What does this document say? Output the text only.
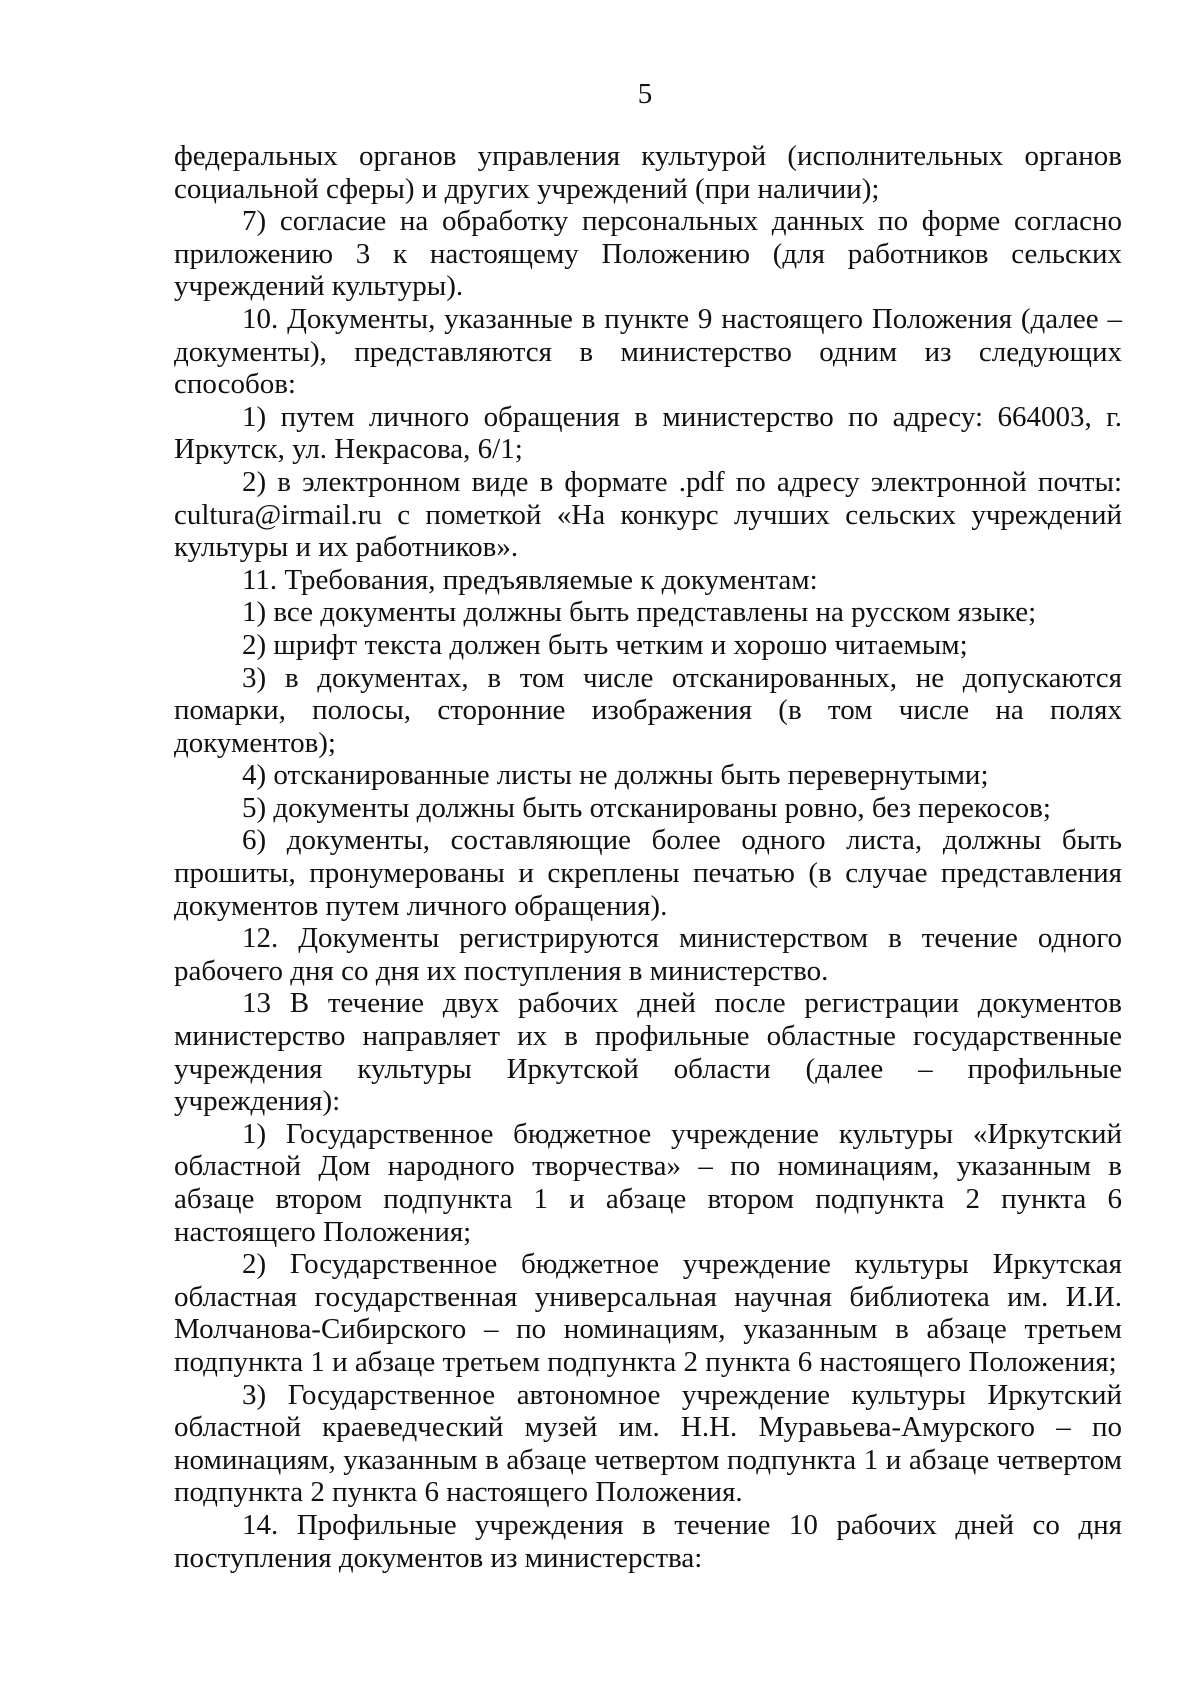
5

федеральных органов управления культурой (исполнительных органов социальной сферы) и других учреждений (при наличии);

7) согласие на обработку персональных данных по форме согласно приложению 3 к настоящему Положению (для работников сельских учреждений культуры).

10. Документы, указанные в пункте 9 настоящего Положения (далее – документы), представляются в министерство одним из следующих способов:

1) путем личного обращения в министерство по адресу: 664003, г. Иркутск, ул. Некрасова, 6/1;

2) в электронном виде в формате .pdf по адресу электронной почты: cultura@irmail.ru с пометкой «На конкурс лучших сельских учреждений культуры и их работников».

11. Требования, предъявляемые к документам:

1) все документы должны быть представлены на русском языке;

2) шрифт текста должен быть четким и хорошо читаемым;

3) в документах, в том числе отсканированных, не допускаются помарки, полосы, сторонние изображения (в том числе на полях документов);

4) отсканированные листы не должны быть перевернутыми;

5) документы должны быть отсканированы ровно, без перекосов;

6) документы, составляющие более одного листа, должны быть прошиты, пронумерованы и скреплены печатью (в случае представления документов путем личного обращения).

12. Документы регистрируются министерством в течение одного рабочего дня со дня их поступления в министерство.

13 В течение двух рабочих дней после регистрации документов министерство направляет их в профильные областные государственные учреждения культуры Иркутской области (далее – профильные учреждения):

1) Государственное бюджетное учреждение культуры «Иркутский областной Дом народного творчества» – по номинациям, указанным в абзаце втором подпункта 1 и абзаце втором подпункта 2 пункта 6 настоящего Положения;

2) Государственное бюджетное учреждение культуры Иркутская областная государственная универсальная научная библиотека им. И.И. Молчанова-Сибирского – по номинациям, указанным в абзаце третьем подпункта 1 и абзаце третьем подпункта 2 пункта 6 настоящего Положения;

3) Государственное автономное учреждение культуры Иркутский областной краеведческий музей им. Н.Н. Муравьева-Амурского – по номинациям, указанным в абзаце четвертом подпункта 1 и абзаце четвертом подпункта 2 пункта 6 настоящего Положения.

14. Профильные учреждения в течение 10 рабочих дней со дня поступления документов из министерства:
